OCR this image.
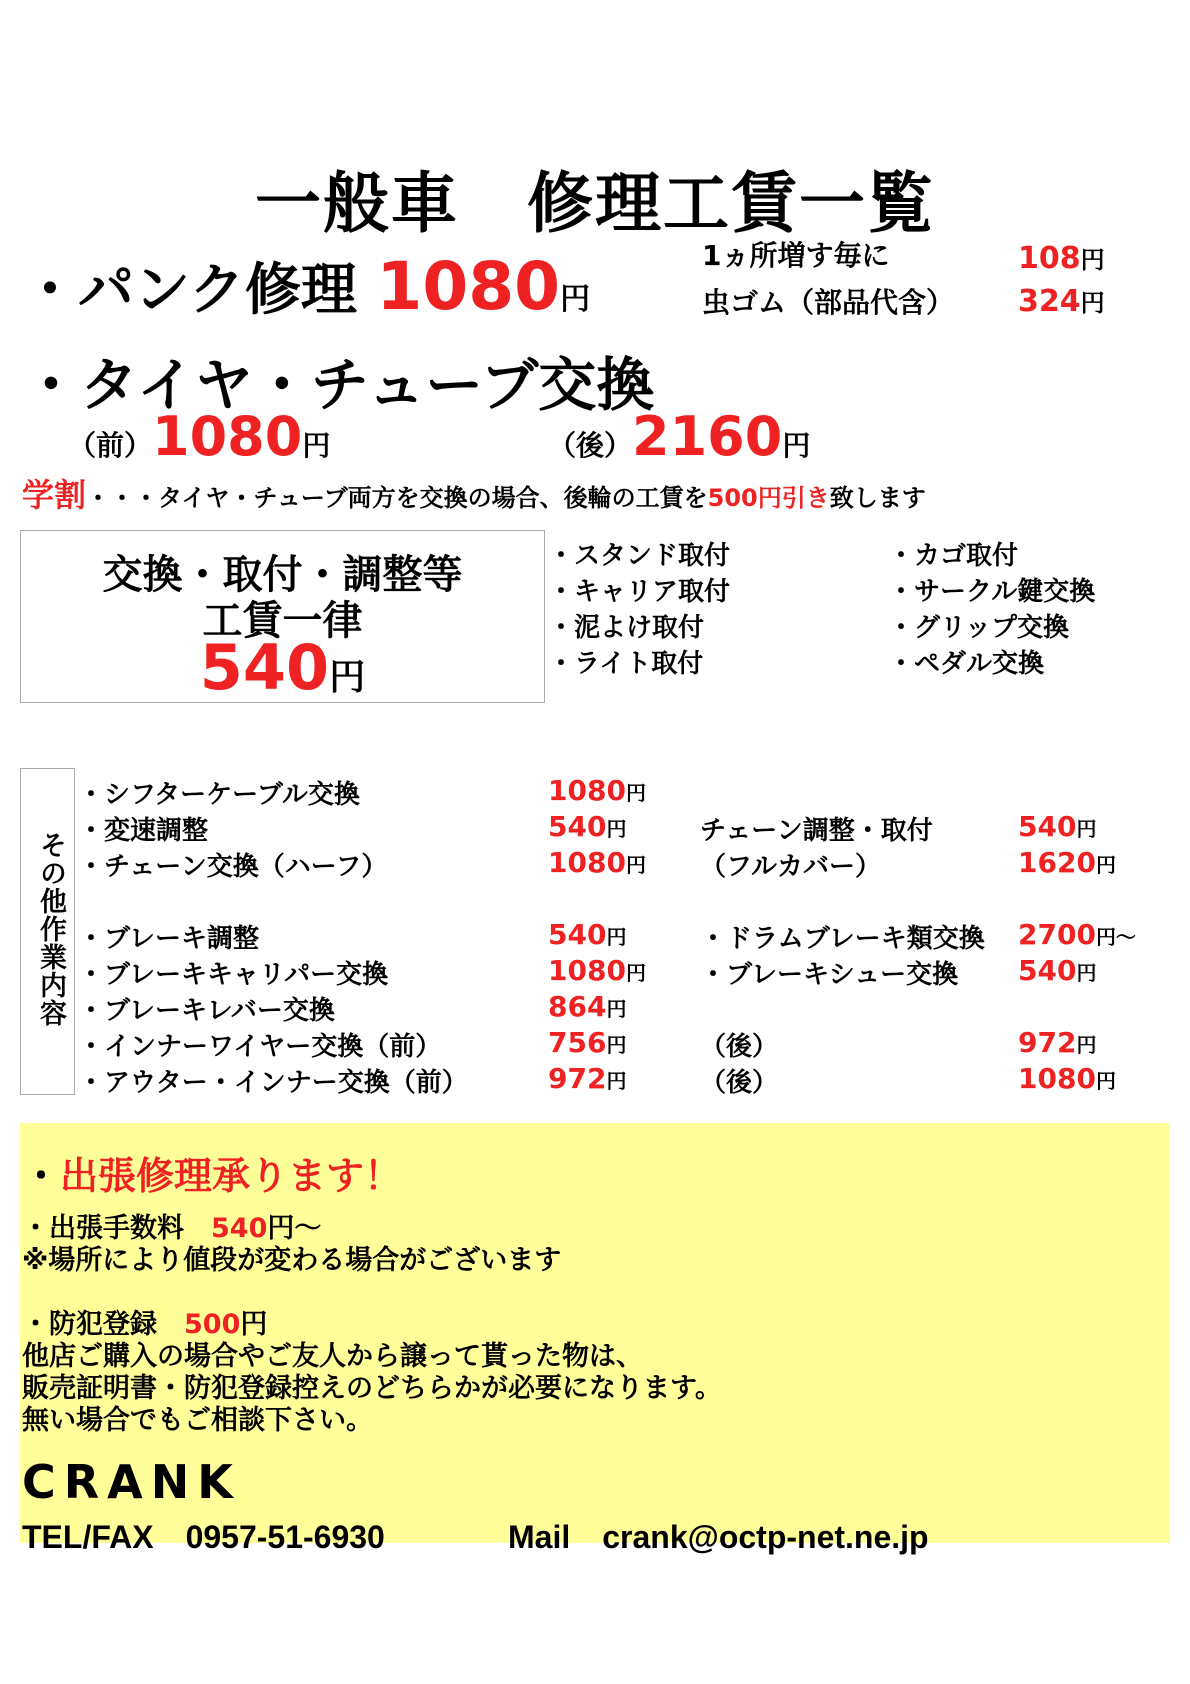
一般車　修理工賃一覧
・パンク修理 1080円
1ヵ所増す毎に	108円
虫ゴム（部品代含） 324円
・タイヤ・チューブ交換
（前）1080円	（後）2160円
学割・・・タイヤ・チューブ両方を交換の場合、後輪の工賃を500円引き致します
交換・取付・調整等
工賃一律
540円
・スタンド取付
・キャリア取付
・泥よけ取付
・ライト取付
・カゴ取付
・サークル鍵交換
・グリップ交換
・ペダル交換
その他作業内容
・シフターケーブル交換	1080円
・変速調整	540円	チェーン調整・取付	540円
・チェーン交換（ハーフ）	1080円 （フルカバー）	1620円
・ブレーキ調整	540円	・ドラムブレーキ類交換 2700円〜
・ブレーキキャリパー交換	1080円 ・ブレーキシュー交換 540円
・ブレーキレバー交換	864円
・インナーワイヤー交換（前）	756円	（後）	972円
・アウター・インナー交換（前）	972円	（後）	1080円
・出張修理承ります！
・出張手数料　 540円〜
※場所により値段が変わる場合がございます
・防犯登録　 500円
他店ご購入の場合やご友人から譲って貰った物は、
販売証明書・防犯登録控えのどちらかが必要になります。
無い場合でもご相談下さい。
CRANK
TEL/FAX　0957-51-6930	Mail　crank@octp-net.ne.jp
